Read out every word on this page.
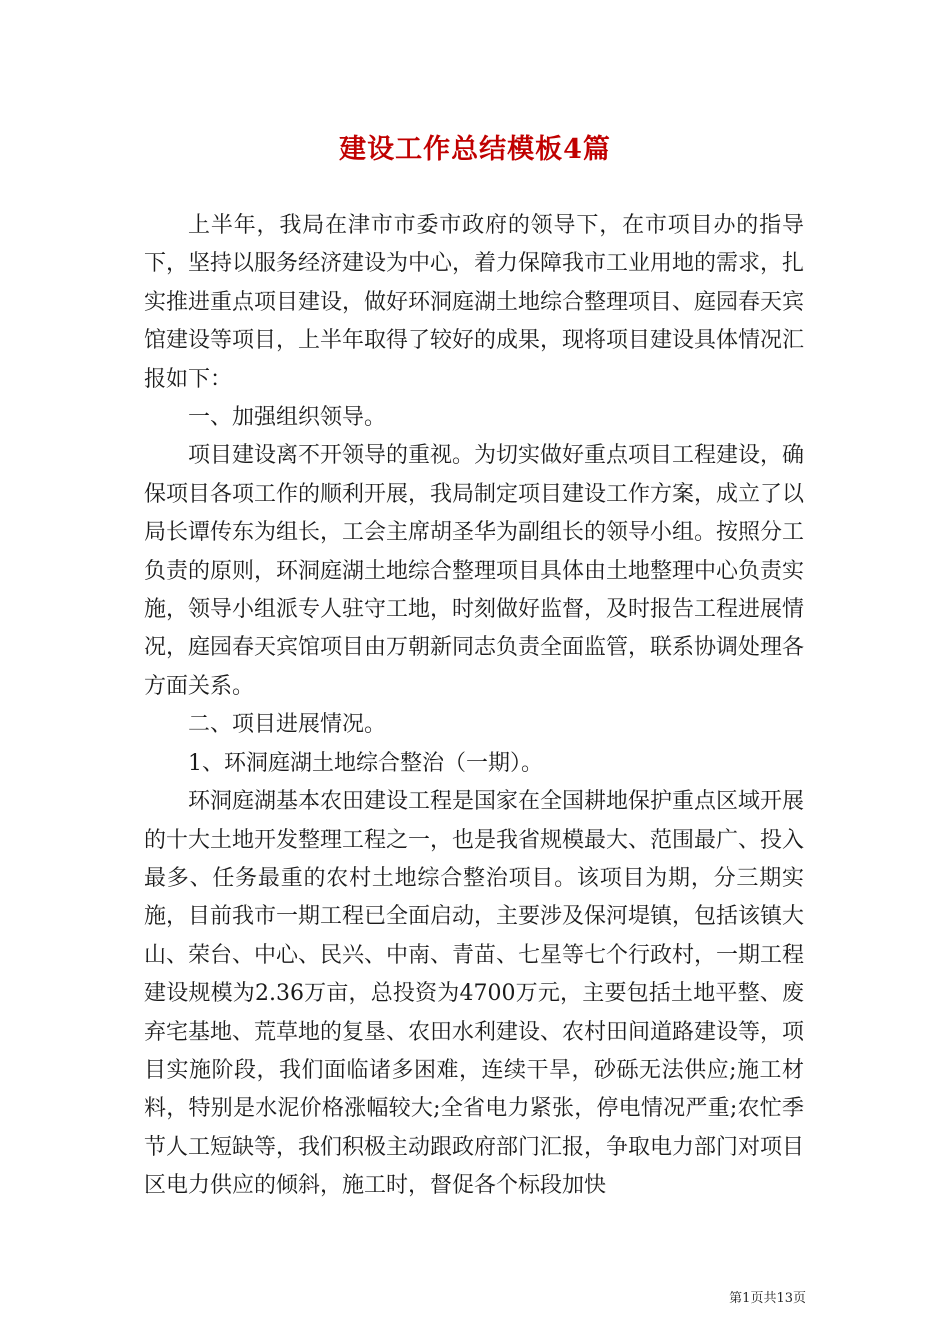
建设工作总结模板4篇

上半年，我局在津市市委市政府的领导下，在市项目办的指导下，坚持以服务经济建设为中心，着力保障我市工业用地的需求，扎实推进重点项目建设，做好环洞庭湖土地综合整理项目、庭园春天宾馆建设等项目，上半年取得了较好的成果，现将项目建设具体情况汇报如下：

一、加强组织领导。

项目建设离不开领导的重视。为切实做好重点项目工程建设，确保项目各项工作的顺利开展，我局制定项目建设工作方案，成立了以局长谭传东为组长，工会主席胡圣华为副组长的领导小组。按照分工负责的原则，环洞庭湖土地综合整理项目具体由土地整理中心负责实施，领导小组派专人驻守工地，时刻做好监督，及时报告工程进展情况，庭园春天宾馆项目由万朝新同志负责全面监管，联系协调处理各方面关系。

二、项目进展情况。

1、环洞庭湖土地综合整治（一期）。

环洞庭湖基本农田建设工程是国家在全国耕地保护重点区域开展的十大土地开发整理工程之一，也是我省规模最大、范围最广、投入最多、任务最重的农村土地综合整治项目。该项目为期，分三期实施，目前我市一期工程已全面启动，主要涉及保河堤镇，包括该镇大山、荣台、中心、民兴、中南、青苗、七星等七个行政村，一期工程建设规模为2.36万亩，总投资为4700万元，主要包括土地平整、废弃宅基地、荒草地的复垦、农田水利建设、农村田间道路建设等，项目实施阶段，我们面临诸多困难，连续干旱，砂砾无法供应;施工材料，特别是水泥价格涨幅较大;全省电力紧张，停电情况严重;农忙季节人工短缺等，我们积极主动跟政府部门汇报，争取电力部门对项目区电力供应的倾斜，施工时，督促各个标段加快

第1页共13页
